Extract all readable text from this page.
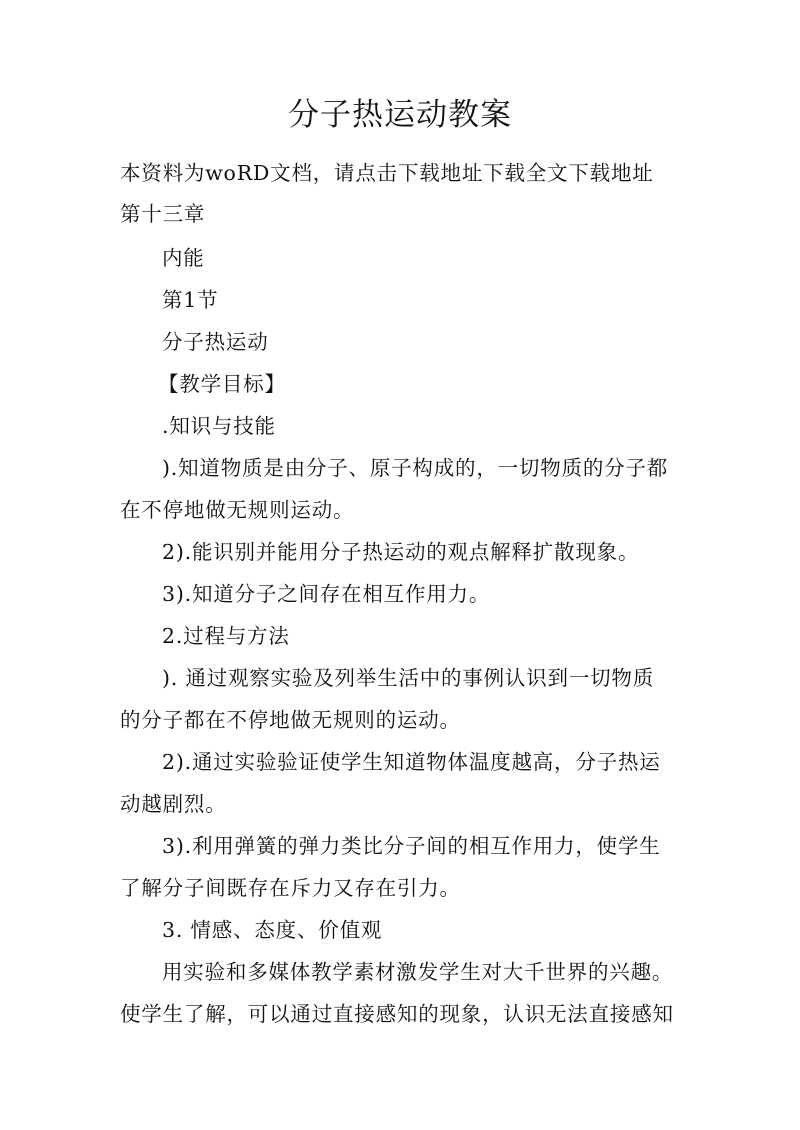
分子热运动教案
本资料为woRD文档，请点击下载地址下载全文下载地址
第十三章
内能
第1节
分子热运动
【教学目标】
.知识与技能
).知道物质是由分子、原子构成的，一切物质的分子都
在不停地做无规则运动。
2).能识别并能用分子热运动的观点解释扩散现象。
3).知道分子之间存在相互作用力。
2.过程与方法
). 通过观察实验及列举生活中的事例认识到一切物质
的分子都在不停地做无规则的运动。
2).通过实验验证使学生知道物体温度越高，分子热运
动越剧烈。
3).利用弹簧的弹力类比分子间的相互作用力，使学生
了解分子间既存在斥力又存在引力。
3. 情感、态度、价值观
用实验和多媒体教学素材激发学生对大千世界的兴趣。
使学生了解，可以通过直接感知的现象，认识无法直接感知
